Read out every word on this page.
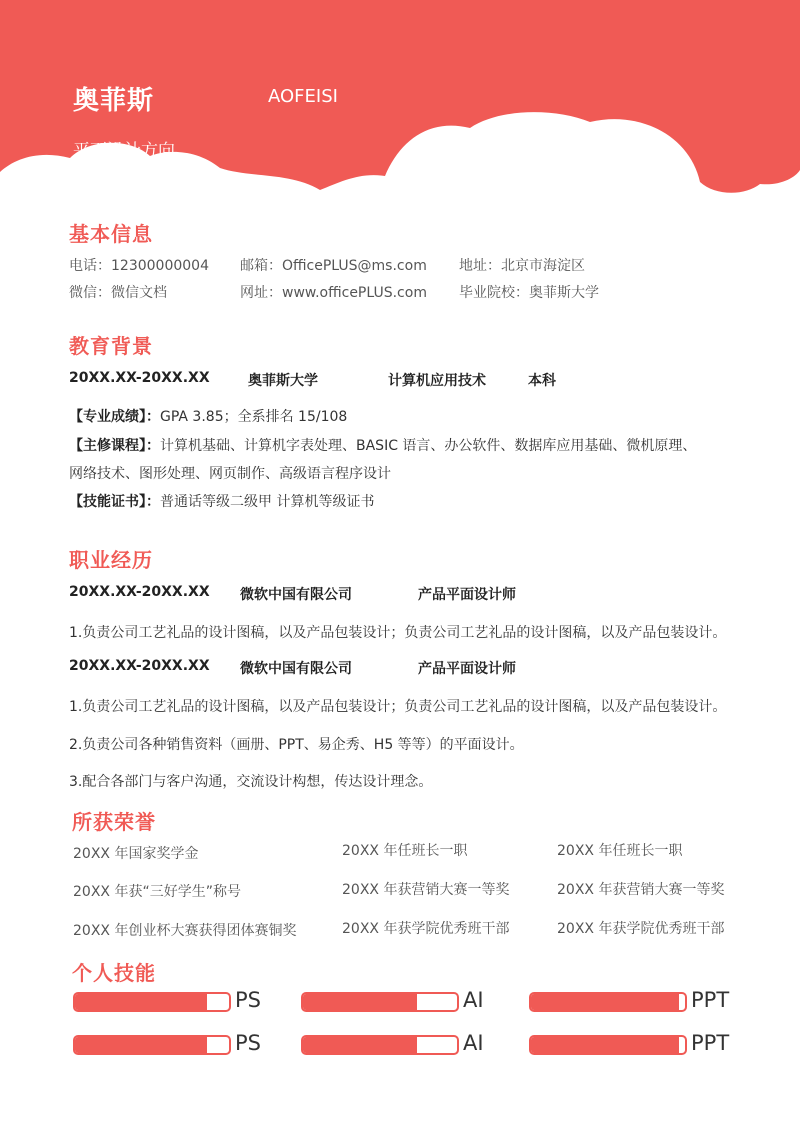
奥菲斯	AOFEISI
平面设计方向
基本信息
电话：12300000004 邮箱：OfficePLUS@ms.com 地址：北京市海淀区
微信：微信文档	网址：www.officePLUS.com 毕业院校：奥菲斯大学
教育背景
20XX.XX-20XX.XX	奥菲斯大学	计算机应用技术	本科
【专业成绩】：GPA 3.85；全系排名 15/108
【主修课程】：计算机基础、计算机字表处理、BASIC 语言、办公软件、数据库应用基础、微机原理、
网络技术、图形处理、网页制作、高级语言程序设计
【技能证书】：普通话等级二级甲 计算机等级证书
职业经历
20XX.XX-20XX.XX 微软中国有限公司	产品平面设计师
1.负责公司工艺礼品的设计图稿，以及产品包装设计；负责公司工艺礼品的设计图稿，以及产品包装设计。
20XX.XX-20XX.XX 微软中国有限公司	产品平面设计师
1.负责公司工艺礼品的设计图稿，以及产品包装设计；负责公司工艺礼品的设计图稿，以及产品包装设计。
2.负责公司各种销售资料（画册、PPT、易企秀、H5 等等）的平面设计。
3.配合各部门与客户沟通，交流设计构想，传达设计理念。
所获荣誉
20XX 年国家奖学金	20XX 年任班长一职	20XX 年任班长一职
20XX 年获“三好学生”称号	20XX 年获营销大赛一等奖	20XX 年获营销大赛一等奖
20XX 年创业杯大赛获得团体赛铜奖	20XX 年获学院优秀班干部	20XX 年获学院优秀班干部
个人技能
PS	AI	PPT
PS	AI	PPT
